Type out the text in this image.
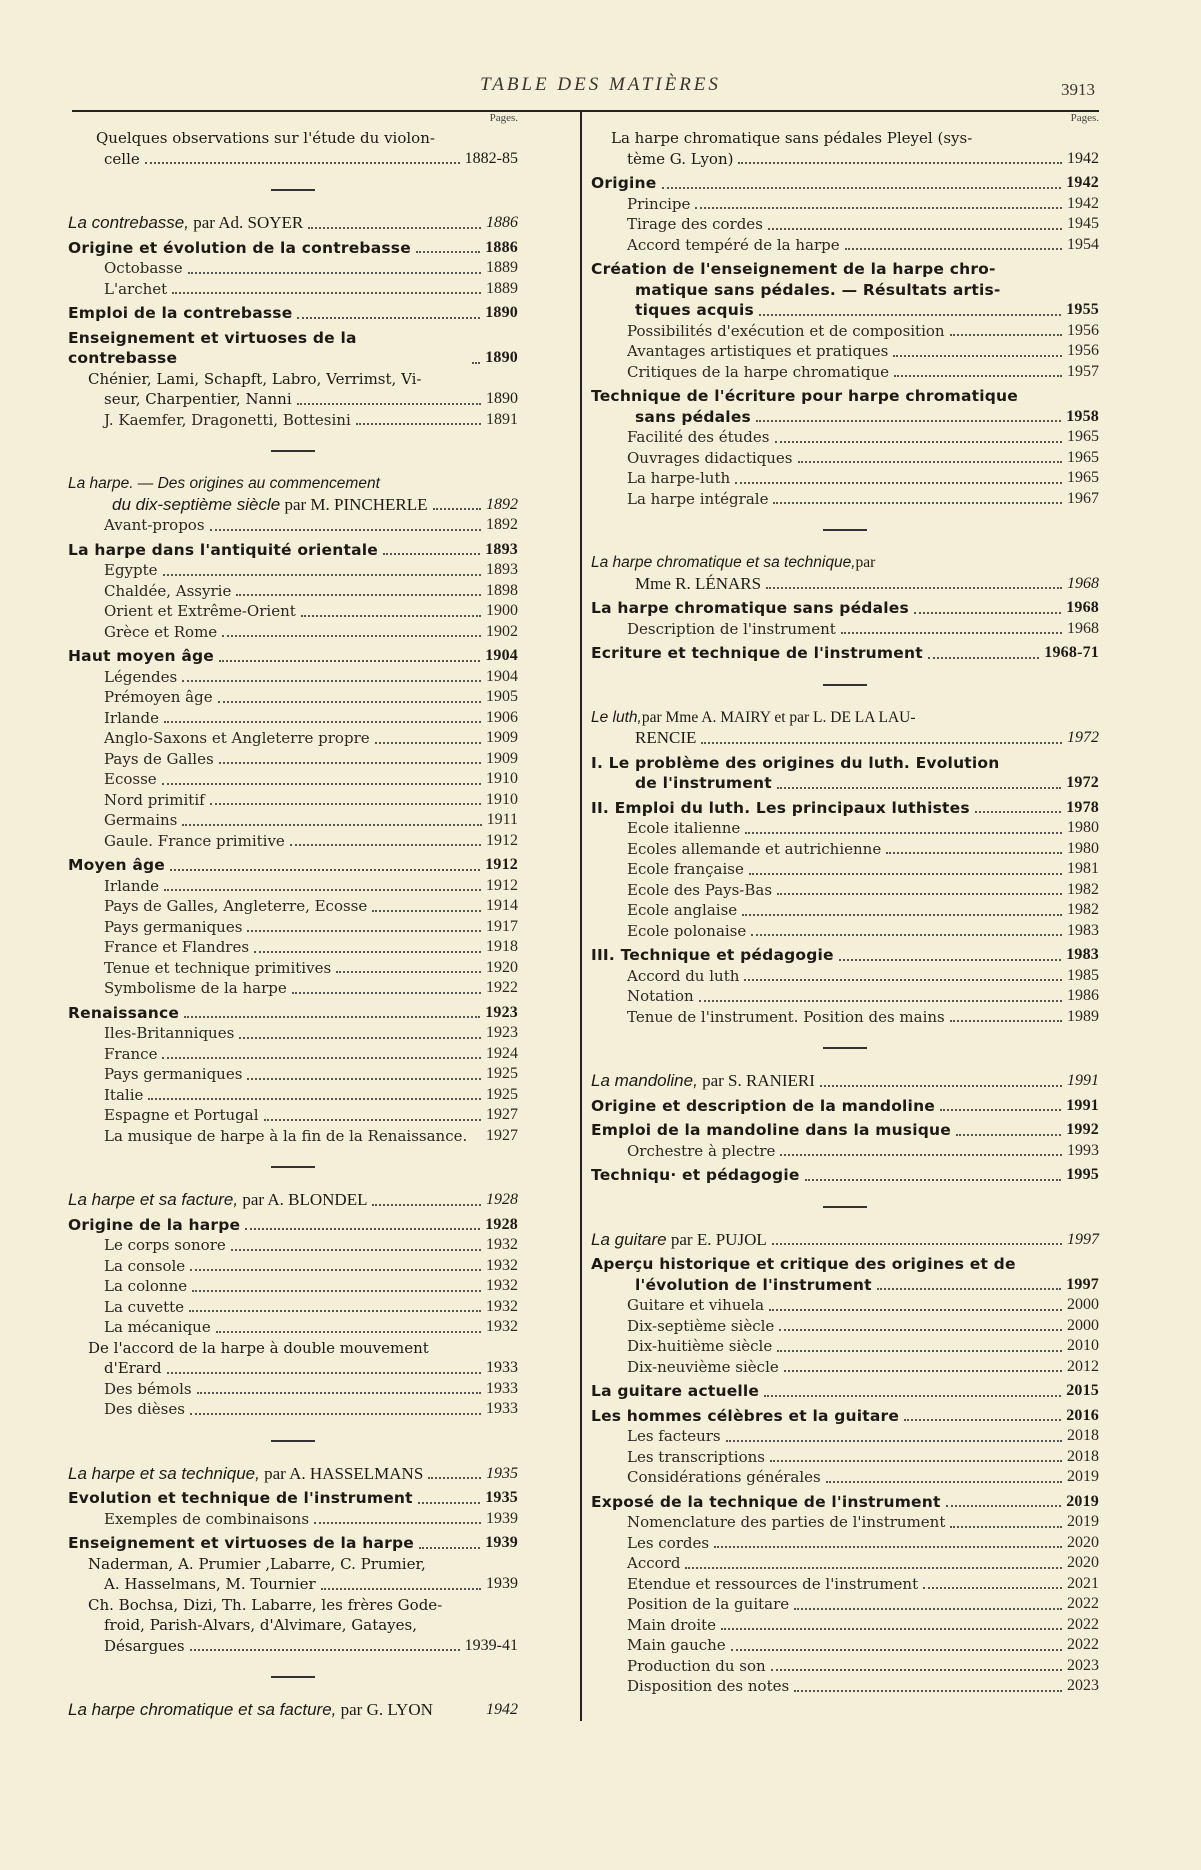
TABLE DES MATIÈRES	3913
Pages.
Quelques observations sur l'étude du violon-
celle	1882-85
La contrebasse, par Ad. SOYER	1886
Origine et évolution de la contrebasse	1886
Octobasse	1889
L'archet	1889
Emploi de la contrebasse	1890
Enseignement et virtuoses de la contrebasse	1890
Chénier, Lami, Schapft, Labro, Verrimst, Vi-
seur, Charpentier, Nanni	1890
J. Kaemfer, Dragonetti, Bottesini	1891
La harpe. — Des origines au commencement
du dix-septième siècle par M. PINCHERLE	1892
Avant-propos	1892
La harpe dans l'antiquité orientale	1893
Egypte	1893
Chaldée, Assyrie	1898
Orient et Extrême-Orient	1900
Grèce et Rome	1902
Haut moyen âge	1904
Légendes	1904
Prémoyen âge	1905
Irlande	1906
Anglo-Saxons et Angleterre propre	1909
Pays de Galles	1909
Ecosse	1910
Nord primitif	1910
Germains	1911
Gaule. France primitive	1912
Moyen âge	1912
Irlande	1912
Pays de Galles, Angleterre, Ecosse	1914
Pays germaniques	1917
France et Flandres	1918
Tenue et technique primitives	1920
Symbolisme de la harpe	1922
Renaissance	1923
Iles-Britanniques	1923
France	1924
Pays germaniques	1925
Italie	1925
Espagne et Portugal	1927
La musique de harpe à la fin de la Renaissance. 1927
La harpe et sa facture, par A. BLONDEL	1928
Origine de la harpe	1928
Le corps sonore	1932
La console	1932
La colonne	1932
La cuvette	1932
La mécanique	1932
De l'accord de la harpe à double mouvement
d'Erard	1933
Des bémols	1933
Des dièses	1933
La harpe et sa technique, par A. HASSELMANS	1935
Evolution et technique de l'instrument	1935
Exemples de combinaisons	1939
Enseignement et virtuoses de la harpe	1939
Naderman, A. Prumier ,Labarre, C. Prumier,
A. Hasselmans, M. Tournier	1939
Ch. Bochsa, Dizi, Th. Labarre, les frères Gode-
froid, Parish-Alvars, d'Alvimare, Gatayes,
Désargues	1939-41
La harpe chromatique et sa facture, par G. LYON	1942
Pages.
La harpe chromatique sans pédales Pleyel (sys-
tème G. Lyon)	1942
Origine	1942
Principe	1942
Tirage des cordes	1945
Accord tempéré de la harpe	1954
Création de l'enseignement de la harpe chro-
matique sans pédales. — Résultats artis-
tiques acquis	1955
Possibilités d'exécution et de composition	1956
Avantages artistiques et pratiques	1956
Critiques de la harpe chromatique	1957
Technique de l'écriture pour harpe chromatique
sans pédales	1958
Facilité des études	1965
Ouvrages didactiques	1965
La harpe-luth	1965
La harpe intégrale	1967
La harpe chromatique et sa technique, par
Mme R. LÉNARS	1968
La harpe chromatique sans pédales	1968
Description de l'instrument	1968
Ecriture et technique de l'instrument	1968-71
Le luth, par Mme A. MAIRY et par L. DE LA LAU-
RENCIE	1972
I. Le problème des origines du luth. Evolution
de l'instrument	1972
II. Emploi du luth. Les principaux luthistes	1978
Ecole italienne	1980
Ecoles allemande et autrichienne	1980
Ecole française	1981
Ecole des Pays-Bas	1982
Ecole anglaise	1982
Ecole polonaise	1983
III. Technique et pédagogie	1983
Accord du luth	1985
Notation	1986
Tenue de l'instrument. Position des mains	1989
La mandoline, par S. RANIERI	1991
Origine et description de la mandoline	1991
Emploi de la mandoline dans la musique	1992
Orchestre à plectre	1993
Techniqu· et pédagogie	1995
La guitare par E. PUJOL	1997
Aperçu historique et critique des origines et de
l'évolution de l'instrument	1997
Guitare et vihuela	2000
Dix-septième siècle	2000
Dix-huitième siècle	2010
Dix-neuvième siècle	2012
La guitare actuelle	2015
Les hommes célèbres et la guitare	2016
Les facteurs	2018
Les transcriptions	2018
Considérations générales	2019
Exposé de la technique de l'instrument	2019
Nomenclature des parties de l'instrument	2019
Les cordes	2020
Accord	2020
Etendue et ressources de l'instrument	2021
Position de la guitare	2022
Main droite	2022
Main gauche	2022
Production du son	2023
Disposition des notes	2023
